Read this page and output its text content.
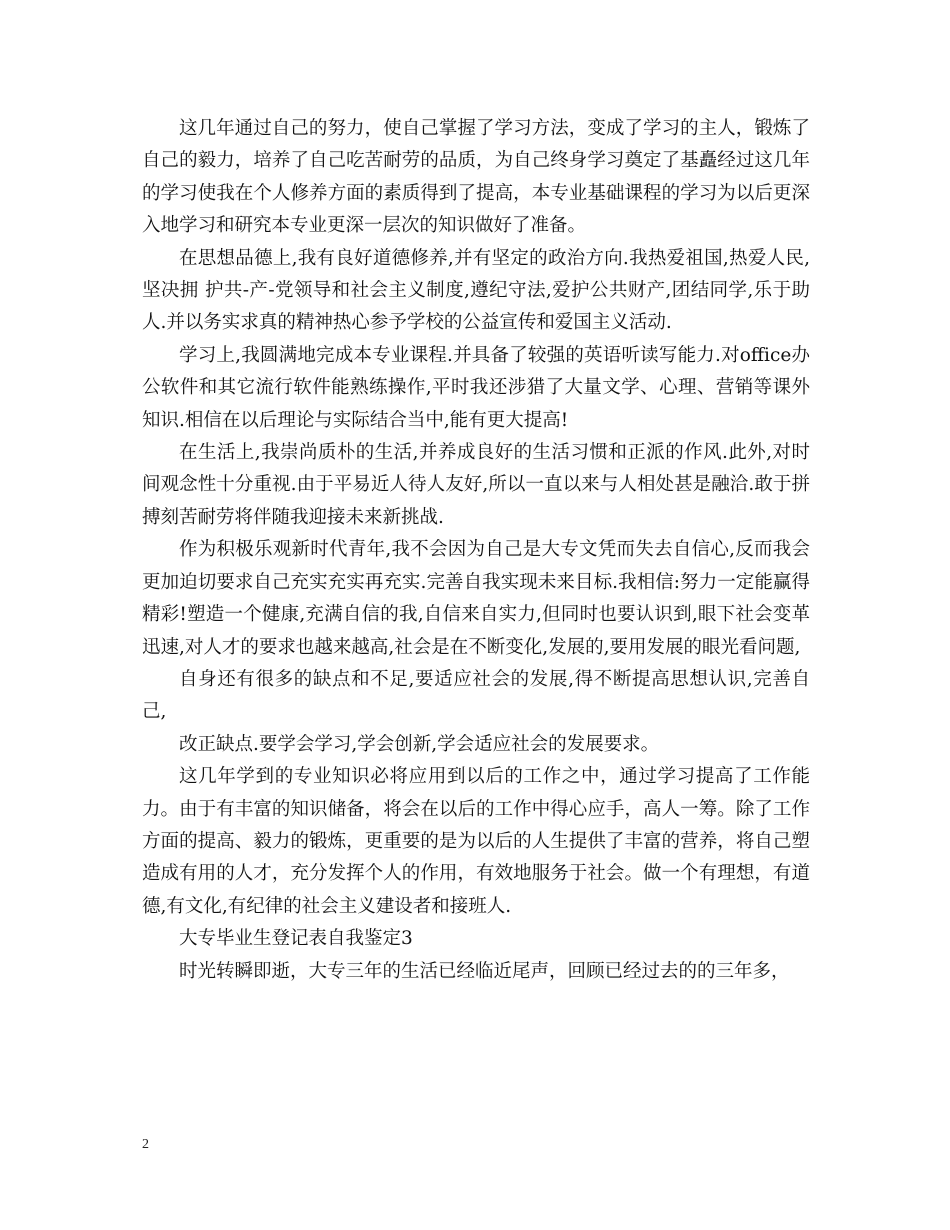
这几年通过自己的努力，使自己掌握了学习方法，变成了学习的主人，锻炼了自己的毅力，培养了自己吃苦耐劳的品质，为自己终身学习奠定了基矗经过这几年的学习使我在个人修养方面的素质得到了提高，本专业基础课程的学习为以后更深入地学习和研究本专业更深一层次的知识做好了准备。

在思想品德上,我有良好道德修养,并有坚定的政治方向.我热爱祖国,热爱人民,坚决拥 护共-产-党领导和社会主义制度,遵纪守法,爱护公共财产,团结同学,乐于助人.并以务实求真的精神热心参予学校的公益宣传和爱国主义活动.

学习上,我圆满地完成本专业课程.并具备了较强的英语听读写能力.对office办公软件和其它流行软件能熟练操作,平时我还涉猎了大量文学、心理、营销等课外知识.相信在以后理论与实际结合当中,能有更大提高!

在生活上,我崇尚质朴的生活,并养成良好的生活习惯和正派的作风.此外,对时间观念性十分重视.由于平易近人待人友好,所以一直以来与人相处甚是融洽.敢于拼搏刻苦耐劳将伴随我迎接未来新挑战.

作为积极乐观新时代青年,我不会因为自己是大专文凭而失去自信心,反而我会更加迫切要求自己充实充实再充实.完善自我实现未来目标.我相信:努力一定能赢得精彩!塑造一个健康,充满自信的我,自信来自实力,但同时也要认识到,眼下社会变革迅速,对人才的要求也越来越高,社会是在不断变化,发展的,要用发展的眼光看问题,

自身还有很多的缺点和不足,要适应社会的发展,得不断提高思想认识,完善自己,

改正缺点.要学会学习,学会创新,学会适应社会的发展要求。

这几年学到的专业知识必将应用到以后的工作之中，通过学习提高了工作能力。由于有丰富的知识储备，将会在以后的工作中得心应手，高人一筹。除了工作方面的提高、毅力的锻炼，更重要的是为以后的人生提供了丰富的营养，将自己塑造成有用的人才，充分发挥个人的作用，有效地服务于社会。做一个有理想，有道德,有文化,有纪律的社会主义建设者和接班人.

大专毕业生登记表自我鉴定3

时光转瞬即逝，大专三年的生活已经临近尾声，回顾已经过去的的三年多，

2
